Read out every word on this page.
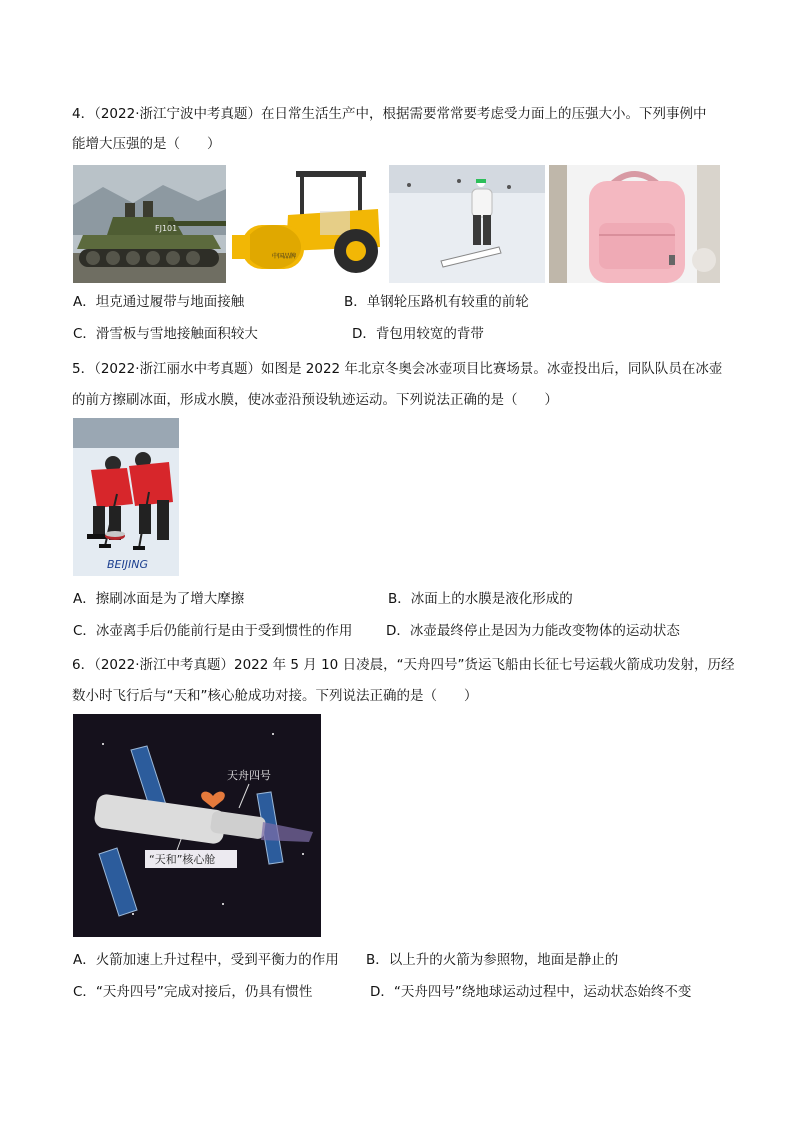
4．（2022·浙江宁波中考真题）在日常生活生产中，根据需要常常要考虑受力面上的压强大小。下列事例中
能增大压强的是（　　）
FJ101
中国品牌
A．坦克通过履带与地面接触	B．单钢轮压路机有较重的前轮
C．滑雪板与雪地接触面积较大	D．背包用较宽的背带
5．（2022·浙江丽水中考真题）如图是 2022 年北京冬奥会冰壶项目比赛场景。冰壶投出后，同队队员在冰壶
的前方擦刷冰面，形成水膜，使冰壶沿预设轨迹运动。下列说法正确的是（　　）
BEIJING
A．擦刷冰面是为了增大摩擦	B．冰面上的水膜是液化形成的
C．冰壶离手后仍能前行是由于受到惯性的作用 D．冰壶最终停止是因为力能改变物体的运动状态
6．（2022·浙江中考真题）2022 年 5 月 10 日凌晨，“天舟四号”货运飞船由长征七号运载火箭成功发射，历经
数小时飞行后与“天和”核心舱成功对接。下列说法正确的是（　　）
天舟四号
“天和”核心舱
A．火箭加速上升过程中，受到平衡力的作用 B．以上升的火箭为参照物，地面是静止的
C．“天舟四号”完成对接后，仍具有惯性	D．“天舟四号”绕地球运动过程中，运动状态始终不变
